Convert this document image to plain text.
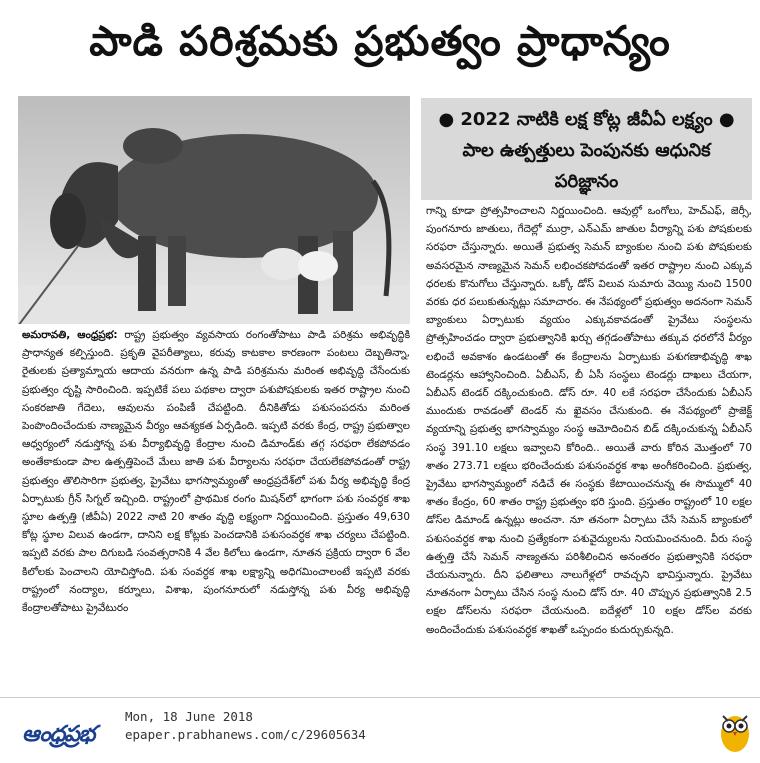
పాడి పరిశ్రమకు ప్రభుత్వం ప్రాధాన్యం
● 2022 నాటికి లక్ష కోట్ల జీవీఏ లక్ష్యం ● పాల ఉత్పత్తులు పెంపునకు ఆధునిక పరిజ్ఞానం

అమరావతి, ఆంధ్రప్రభ: రాష్ట్ర ప్రభుత్వం వ్యవసాయ రంగంతోపాటు పాడి పరిశ్రమ అభివృద్ధికి ప్రాధాన్యత కల్పిస్తుంది. ప్రకృతి వైపరీత్యాలు, కరువు కాటకాల కారణంగా పంటలు దెబ్బతిన్నా, రైతులకు ప్రత్యామ్నాయ ఆదాయ వనరుగా ఉన్న పాడి పరిశ్రమను మరింత అభివృద్ధి చేసేందుకు ప్రభుత్వం దృష్టి సారించింది. ఇప్పటికే పలు పథకాల ద్వారా పశుపోషకులకు ఇతర రాష్ట్రాల నుంచి సంకరజాతి గేదెలు, ఆవులను పంపిణీ చేపట్టింది. దీనికితోడు పశుసంపదను మరింత పెంపొందించేందుకు నాణ్యమైన వీర్యం ఆవశ్యకత ఏర్పడింది. ఇప్పటి వరకు కేంద్ర, రాష్ట్ర ప్రభుత్వాల ఆధ్వర్యంలో నడుస్తోన్న పశు వీర్యాభివృద్ధి కేంద్రాల నుంచి డిమాండ్‌కు తగ్గ సరఫరా లేకపోవడం అంతేకాకుండా పాల ఉత్పత్తిపెంచే మేలు జాతి పశు వీర్యాలను సరఫరా చేయలేకపోవడంతో రాష్ట్ర ప్రభుత్వం తొలిసారిగా ప్రభుత్వ, ప్రైవేటు భాగస్వామ్యంతో ఆంధ్రప్రదేశ్‌లో పశు వీర్య అభివృద్ధి కేంద్ర ఏర్పాటుకు గ్రీన్ సిగ్నల్ ఇచ్చింది. రాష్ట్రంలో ప్రాథమిక రంగం మిషన్‌లో భాగంగా పశు సంవర్ధక శాఖ స్థూల ఉత్పత్తి (జీవీఏ) 2022 నాటి 20 శాతం వృద్ధి లక్ష్యంగా నిర్ణయించింది. ప్రస్తుతం 49,630 కోట్ల స్థూల విలువ ఉండగా, దానిని లక్ష కోట్లకు పెంచడానికి పశుసంవర్ధక శాఖ చర్యలు చేపట్టింది. ఇప్పటి వరకు పాల దిగుబడి సంవత్సరానికి 4 వేల కిలోలు ఉండగా, నూతన ప్రక్రియ ద్వారా 6 వేల కిలోలకు పెంచాలని యోచిస్తోంది. పశు సంవర్ధక శాఖ లక్ష్యాన్ని అధిగమించాలంటే ఇప్పటి వరకు రాష్ట్రంలో నంద్యాల, కర్నూలు, విశాఖ, పుంగనూరులో నడుస్తోన్న పశు వీర్య అభివృద్ధి కేంద్రాలతోపాటు ప్రైవేటురం

గాన్ని కూడా ప్రోత్సహించాలని నిర్ణయించింది. ఆవుల్లో ఒంగోలు, హెచ్‌ఎఫ్, జెర్సీ, పుంగనూరు జాతులు, గేదెల్లో ముర్రా, ఎన్‌ఎమ్ జాతుల వీర్యాన్ని పశు పోషకులకు సరఫరా చేస్తున్నారు. అయితే ప్రభుత్వ సెమన్ బ్యాంకుల నుంచి పశు పోషకులకు అవసరమైన నాణ్యమైన సెమన్ లభించకపోవడంతో ఇతర రాష్ట్రాల నుంచి ఎక్కువ ధరలకు కొనుగోలు చేస్తున్నారు. ఒక్కో డోస్ విలువ సుమారు వెయ్యి నుంచి 1500 వరకు ధర పలుకుతున్నట్లు సమాచారం. ఈ నేపథ్యంలో ప్రభుత్వం అదనంగా సెమన్ బ్యాంకులు ఏర్పాటుకు వ్యయం ఎక్కువకావడంతో ప్రైవేటు సంస్థలను ప్రోత్సహించడం ద్వారా ప్రభుత్వానికి ఖర్చు తగ్గడంతోపాటు తక్కువ ధరలోనే వీర్యం లభించే అవకాశం ఉండటంతో ఈ కేంద్రాలను ఏర్పాటుకు పశుగణాభివృద్ధి శాఖ టెండర్లను ఆహ్వానించింది. ఏబీఎస్, బీ ఏసీ సంస్థలు టెండర్లు దాఖలు చేయగా, ఏబీఎస్ టెండర్ దక్కించుకుంది. డోస్ రూ. 40 లకే సరఫరా చేసేందుకు ఏబీఎస్ ముందుకు రావడంతో టెండర్ ను ఖైవసం చేసుకుంది. ఈ నేపథ్యంలో ప్రాజెక్ట్ వ్యయాన్ని ప్రభుత్వ భాగస్వామ్యం సంస్థ ఆమోదించిన బిడ్ దక్కించుకున్న ఏబీఎస్ సంస్థ 391.10 లక్షలు ఇవ్వాలని కోరింది.. అయితే వారు కోరిన మొత్తంలో 70 శాతం 273.71 లక్షలు భరించేందుకు పశుసంవర్ధక శాఖ అంగీకరించింది. ప్రభుత్వ, ప్రైవేటు భాగస్వామ్యంలో నడిచే ఈ సంస్థకు కేటాయించనున్న ఈ సొమ్ములో 40 శాతం కేంద్రం, 60 శాతం రాష్ట్ర ప్రభుత్వం భరి స్తుంది. ప్రస్తుతం రాష్ట్రంలో 10 లక్షల డోస్‌ల డిమాండ్ ఉన్నట్లు అంచనా. నూ తనంగా ఏర్పాటు చేసే సెమన్ బ్యాంకులో పశుసంవర్ధక శాఖ నుంచి ప్రత్యేకంగా పశువైద్యులను నియమించనుంది. వీరు సంస్థ ఉత్పత్తి చేసే సెమన్ నాణ్యతను పరిశీలించిన అనంతరం ప్రభుత్వానికి సరఫరా చేయనున్నారు. దీని ఫలితాలు నాలుగేళ్లలో రావచ్చని భావిస్తున్నారు. ప్రైవేటు నూతనంగా ఏర్పాటు చేసిన సంస్థ నుంచి డోస్ రూ. 40 చొప్పున ప్రభుత్వానికి 2.5 లక్షల డోస్‌లను సరఫరా చేయనుంది. ఐదేళ్లలో 10 లక్షల డోస్‌ల వరకు అందించేందుకు పశుసంవర్ధక శాఖతో ఒప్పందం కుదుర్చుకున్నది.

ఆంధ్రప్రభ
Mon, 18 June 2018
epaper.prabhanews.com/c/29605634
